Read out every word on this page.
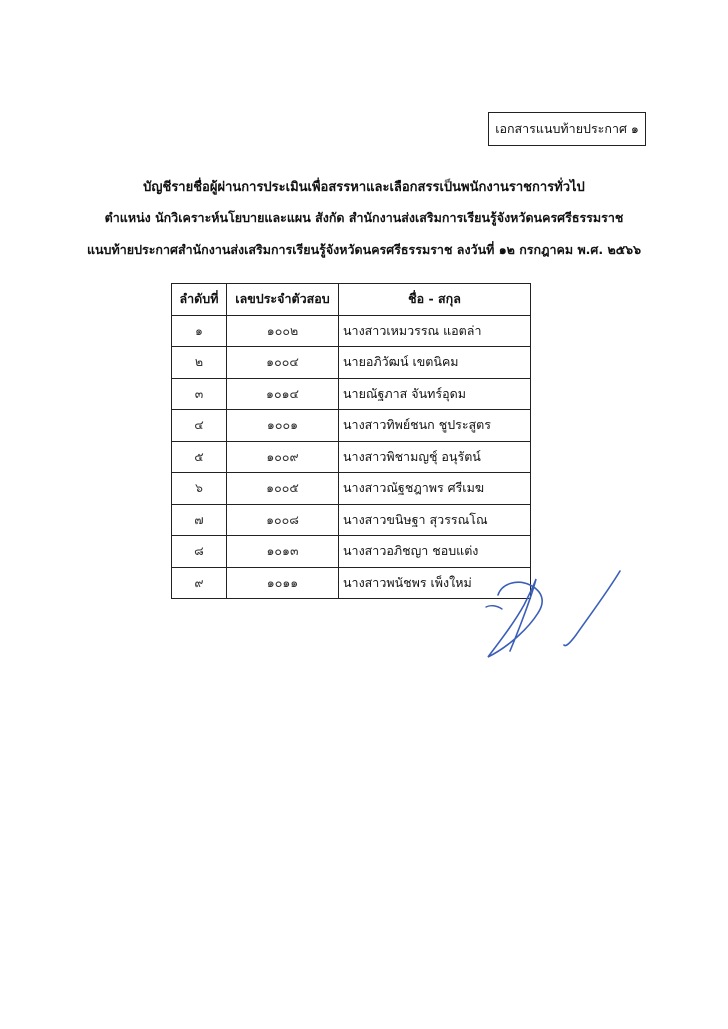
เอกสารแนบท้ายประกาศ ๑
บัญชีรายชื่อผู้ผ่านการประเมินเพื่อสรรหาและเลือกสรรเป็นพนักงานราชการทั่วไป
ตำแหน่ง นักวิเคราะห์นโยบายและแผน สังกัด สำนักงานส่งเสริมการเรียนรู้จังหวัดนครศรีธรรมราช
แนบท้ายประกาศสำนักงานส่งเสริมการเรียนรู้จังหวัดนครศรีธรรมราช ลงวันที่ ๑๒ กรกฎาคม พ.ศ. ๒๕๖๖
ลำดับที่	เลขประจำตัวสอบ	ชื่อ - สกุล
๑	๑๐๐๒	นางสาวเหมวรรณ แอตล่า
๒	๑๐๐๔	นายอภิวัฒน์ เขตนิคม
๓	๑๐๑๔	นายณัฐภาส จันทร์อุดม
๔	๑๐๐๑	นางสาวทิพย์ชนก ชูประสูตร
๕	๑๐๐๙	นางสาวพิชามญชุ์ อนุรัตน์
๖	๑๐๐๕	นางสาวณัฐชฎาพร ศรีเมฆ
๗	๑๐๐๘	นางสาวขนิษฐา สุวรรณโณ
๘	๑๐๑๓	นางสาวอภิชญา ชอบแต่ง
๙	๑๐๑๑	นางสาวพนัชพร เพ็งใหม่
